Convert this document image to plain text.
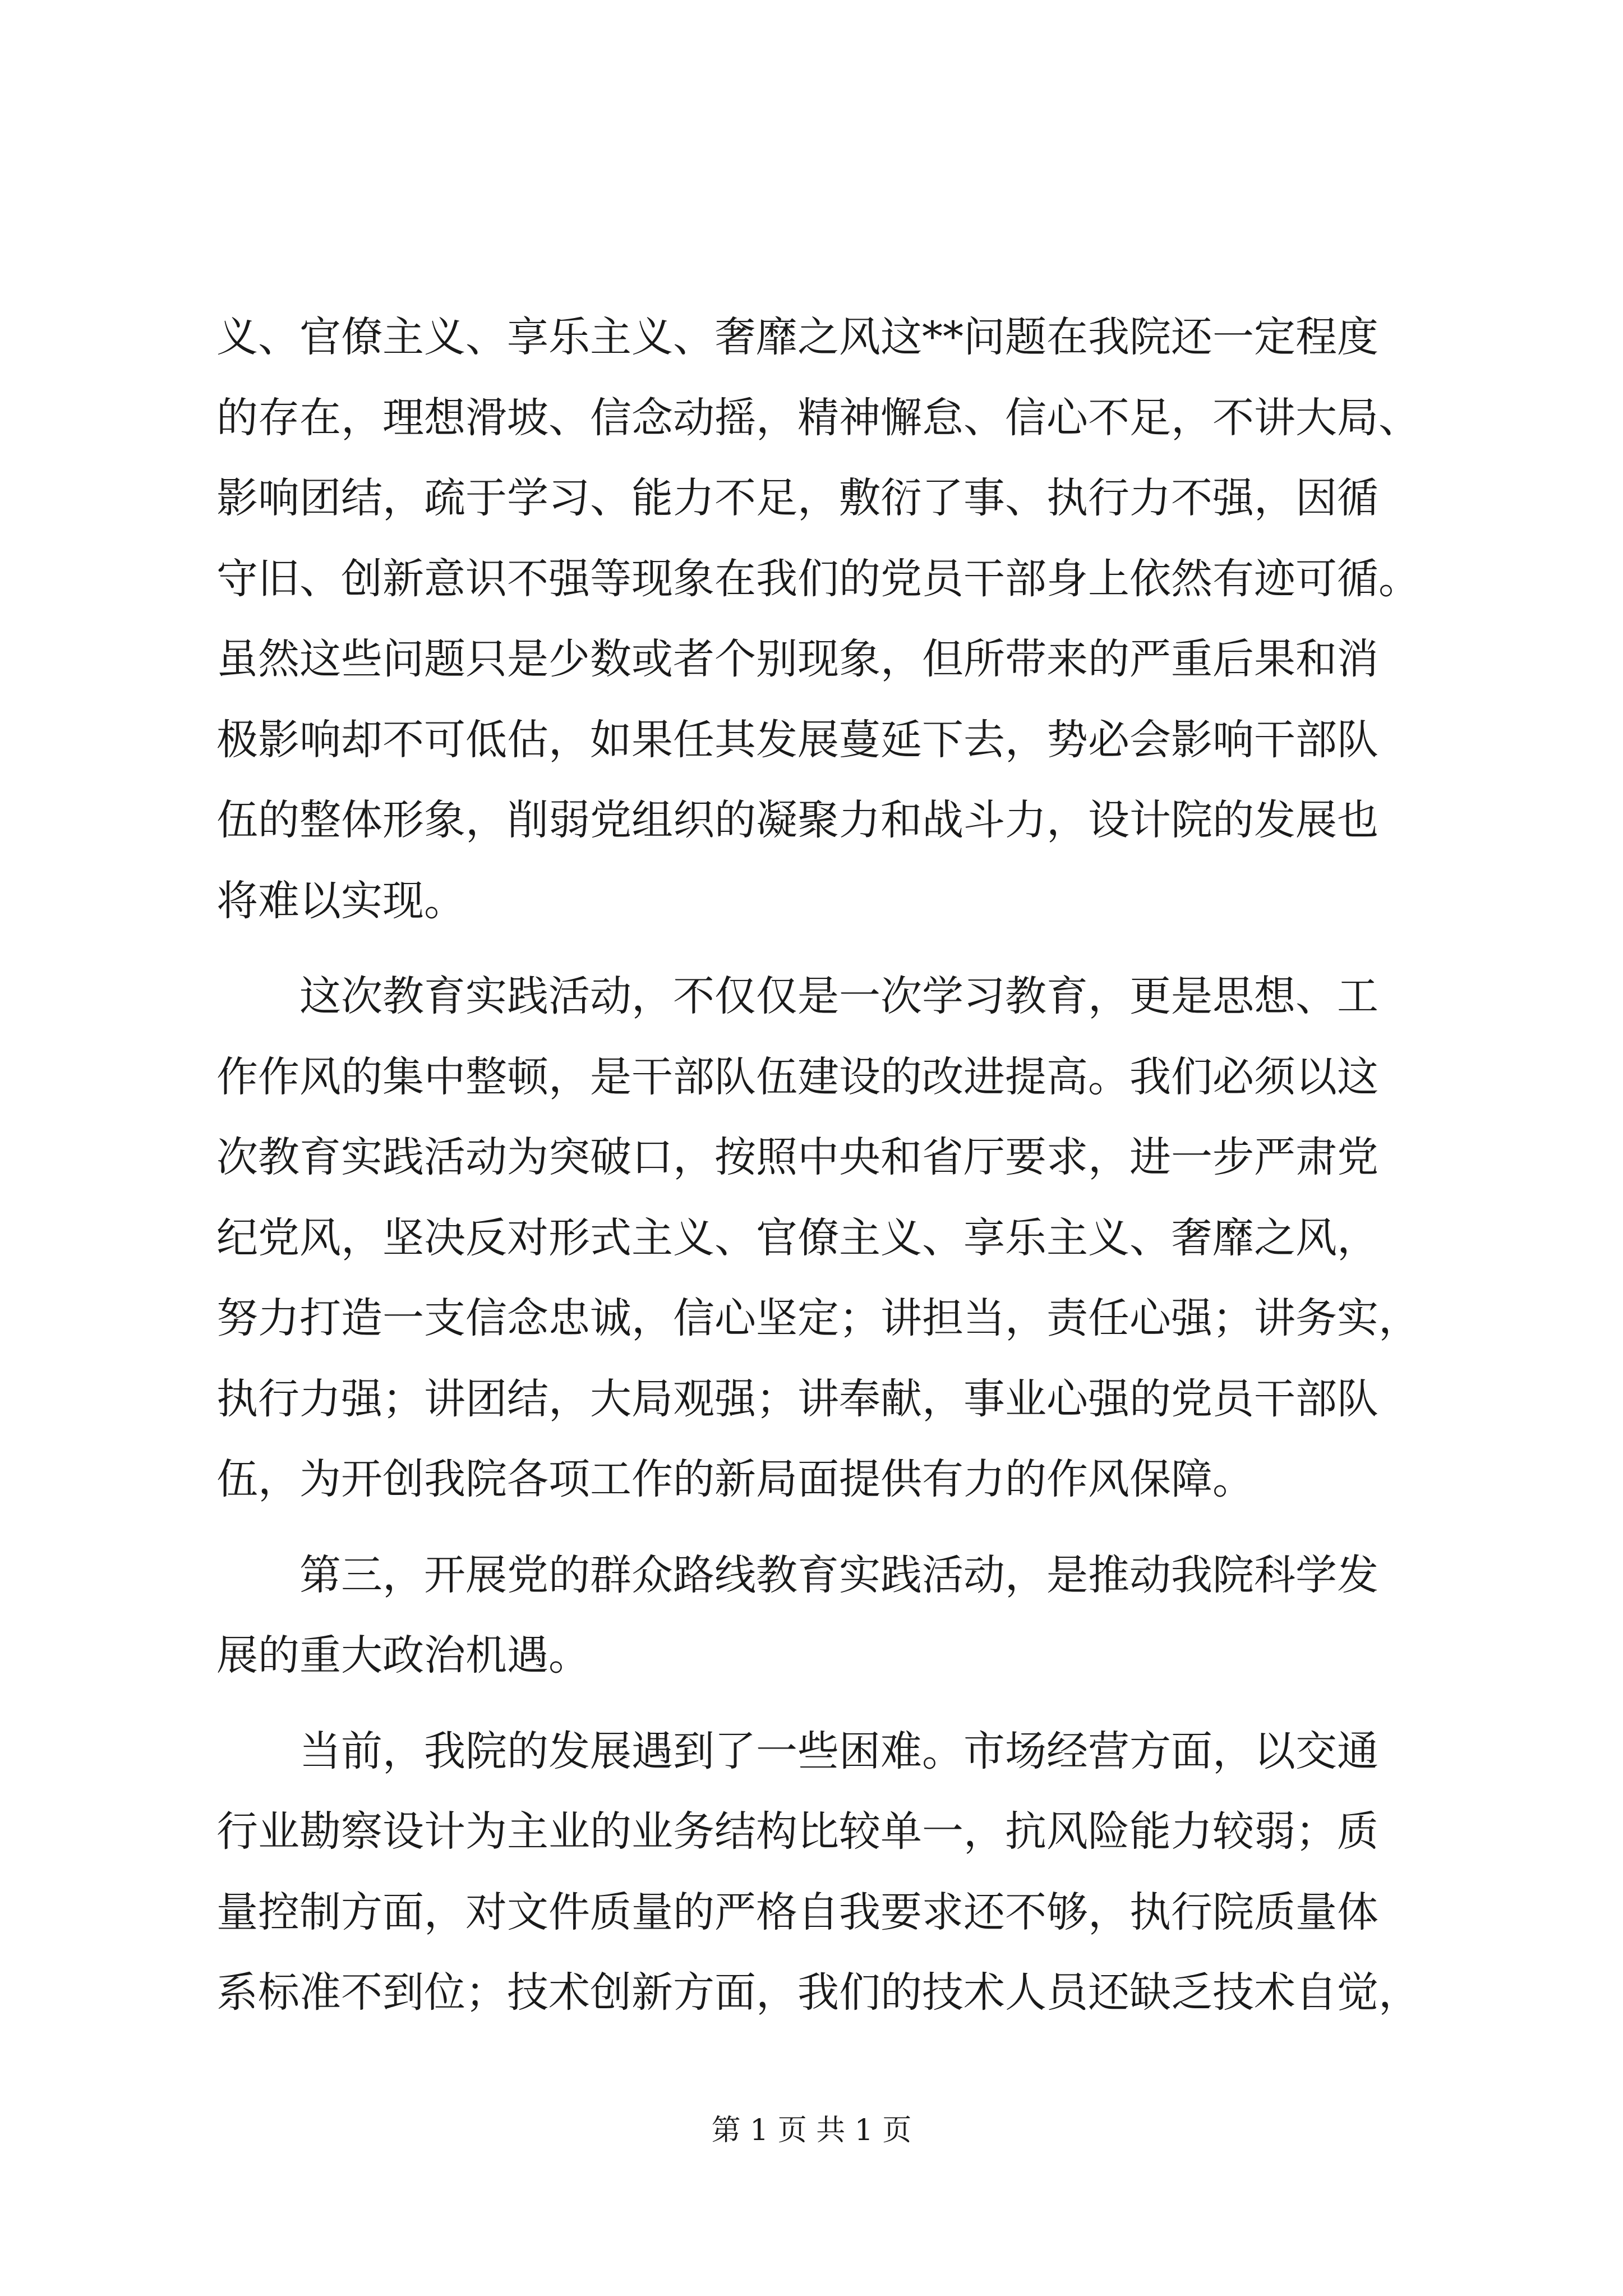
义、官僚主义、享乐主义、奢靡之风这**问题在我院还一定程度
的存在，理想滑坡、信念动摇，精神懈怠、信心不足，不讲大局、
影响团结，疏于学习、能力不足，敷衍了事、执行力不强，因循
守旧、创新意识不强等现象在我们的党员干部身上依然有迹可循。
虽然这些问题只是少数或者个别现象，但所带来的严重后果和消
极影响却不可低估，如果任其发展蔓延下去，势必会影响干部队
伍的整体形象，削弱党组织的凝聚力和战斗力，设计院的发展也
将难以实现。
　　这次教育实践活动，不仅仅是一次学习教育，更是思想、工
作作风的集中整顿，是干部队伍建设的改进提高。我们必须以这
次教育实践活动为突破口，按照中央和省厅要求，进一步严肃党
纪党风，坚决反对形式主义、官僚主义、享乐主义、奢靡之风，
努力打造一支信念忠诚，信心坚定；讲担当，责任心强；讲务实，
执行力强；讲团结，大局观强；讲奉献，事业心强的党员干部队
伍，为开创我院各项工作的新局面提供有力的作风保障。
　　第三，开展党的群众路线教育实践活动，是推动我院科学发
展的重大政治机遇。
　　当前，我院的发展遇到了一些困难。市场经营方面，以交通
行业勘察设计为主业的业务结构比较单一，抗风险能力较弱；质
量控制方面，对文件质量的严格自我要求还不够，执行院质量体
系标准不到位；技术创新方面，我们的技术人员还缺乏技术自觉，
第 1 页 共 1 页
